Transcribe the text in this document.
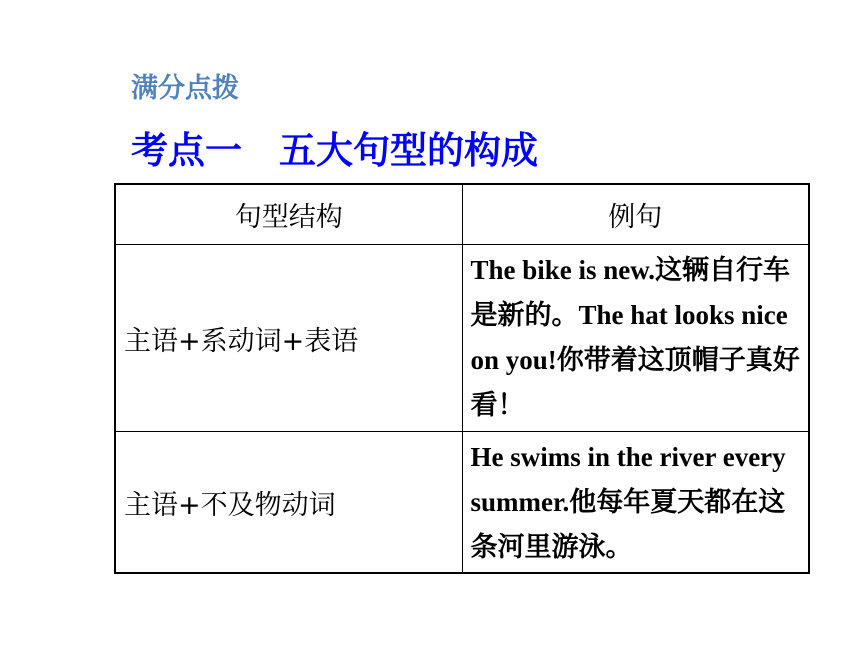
满分点拨
考点一　五大句型的构成
句型结构	例句
主语+系动词+表语	The bike is new.这辆自行车是新的。The hat looks nice on you!你带着这顶帽子真好看！
主语+不及物动词	He swims in the river every summer.他每年夏天都在这条河里游泳。
